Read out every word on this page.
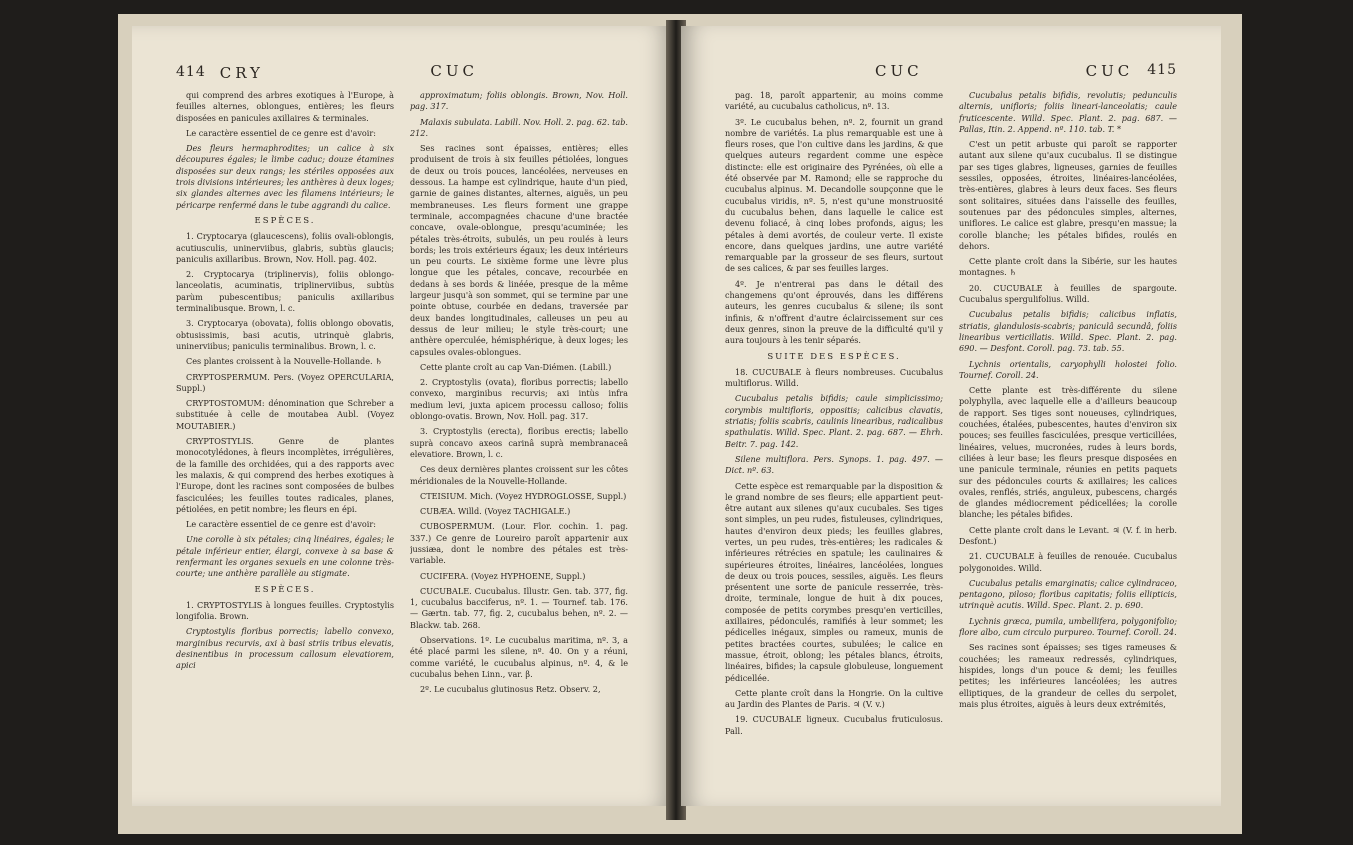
414 CRY	CUC

qui comprend des arbres exotiques à l'Europe, à feuilles alternes, oblongues, entières; les fleurs disposées en panicules axillaires & terminales.

Le caractère essentiel de ce genre est d'avoir:

Des fleurs hermaphrodites; un calice à six découpures égales; le limbe caduc; douze étamines disposées sur deux rangs; les stériles opposées aux trois divisions intérieures; les anthères à deux loges; six glandes alternes avec les filamens intérieurs; le péricarpe renfermé dans le tube aggrandi du calice.

ESPÈCES.

1. Cryptocarya (glaucescens), foliis ovali-oblongis, acutiusculis, uninerviibus, glabris, subtùs glaucis; paniculis axillaribus. Brown, Nov. Holl. pag. 402.

2. Cryptocarya (triplinervis), foliis oblongo-lanceolatis, acuminatis, triplinerviibus, subtùs parùm pubescentibus; paniculis axillaribus terminalibusque. Brown, l. c.

3. Cryptocarya (obovata), foliis oblongo obovatis, obtusissimis, basi acutis, utrinquè glabris, uninerviibus; paniculis terminalibus. Brown, l. c.

Ces plantes croissent à la Nouvelle-Hollande. ♄

CRYPTOSPERMUM. Pers. (Voyez OPERCULARIA, Suppl.)

CRYPTOSTOMUM: dénomination que Schreber a substituée à celle de moutabea Aubl. (Voyez MOUTABIER.)

CRYPTOSTYLIS. Genre de plantes monocotylédones, à fleurs incomplètes, irrégulières, de la famille des orchidées, qui a des rapports avec les malaxis, & qui comprend des herbes exotiques à l'Europe, dont les racines sont composées de bulbes fasciculées; les feuilles toutes radicales, planes, pétiolées, en petit nombre; les fleurs en épi.

Le caractère essentiel de ce genre est d'avoir:

Une corolle à six pétales; cinq linéaires, égales; le pétale inférieur entier, élargi, convexe à sa base & renfermant les organes sexuels en une colonne très-courte; une anthère parallèle au stigmate.

ESPÈCES.

1. CRYPTOSTYLIS à longues feuilles. Cryptostylis longifolia. Brown.

Cryptostylis floribus porrectis; labello convexo, marginibus recurvis, axi à basi striis tribus elevatis, desinentibus in processum callosum elevatiorem, apici

approximatum; foliis oblongis. Brown, Nov. Holl. pag. 317.

Malaxis subulata. Labill. Nov. Holl. 2. pag. 62. tab. 212.

Ses racines sont épaisses, entières; elles produisent de trois à six feuilles pétiolées, longues de deux ou trois pouces, lancéolées, nerveuses en dessous. La hampe est cylindrique, haute d'un pied, garnie de gaines distantes, alternes, aiguës, un peu membraneuses. Les fleurs forment une grappe terminale, accompagnées chacune d'une bractée concave, ovale-oblongue, presqu'acuminée; les pétales très-étroits, subulés, un peu roulés à leurs bords; les trois extérieurs égaux; les deux intérieurs un peu courts. Le sixième forme une lèvre plus longue que les pétales, concave, recourbée en dedans à ses bords & linéée, presque de la même largeur jusqu'à son sommet, qui se termine par une pointe obtuse, courbée en dedans, traversée par deux bandes longitudinales, calleuses un peu au dessus de leur milieu; le style très-court; une anthère operculée, hémisphérique, à deux loges; les capsules ovales-oblongues.

Cette plante croît au cap Van-Diémen. (Labill.)

2. Cryptostylis (ovata), floribus porrectis; labello convexo, marginibus recurvis; axi intùs infra medium levi, juxta apicem processu calloso; foliis oblongo-ovatis. Brown, Nov. Holl. pag. 317.

3. Cryptostylis (erecta), floribus erectis; labello suprà concavo axeos carinâ suprà membranaceâ elevatiore. Brown, l. c.

Ces deux dernières plantes croissent sur les côtes méridionales de la Nouvelle-Hollande.

CTEISIUM. Mich. (Voyez HYDROGLOSSE, Suppl.)

CUBÆA. Willd. (Voyez TACHIGALE.)

CUBOSPERMUM. (Lour. Flor. cochin. 1. pag. 337.) Ce genre de Loureiro paroît appartenir aux jussiæa, dont le nombre des pétales est très-variable.

CUCIFERA. (Voyez HYPHOENE, Suppl.)

CUCUBALE. Cucubalus. Illustr. Gen. tab. 377, fig. 1, cucubalus bacciferus, nº. 1. — Tournef. tab. 176. — Gærtn. tab. 77, fig. 2, cucubalus behen, nº. 2. — Blackw. tab. 268.

Observations. 1º. Le cucubalus maritima, nº. 3, a été placé parmi les silene, nº. 40. On y a réuni, comme variété, le cucubalus alpinus, nº. 4, & le cucubalus behen Linn., var. β.

2º. Le cucubalus glutinosus Retz. Observ. 2,

CUC	CUC 415

pag. 18, paroît appartenir, au moins comme variété, au cucubalus catholicus, nº. 13.

3º. Le cucubalus behen, nº. 2, fournit un grand nombre de variétés. La plus remarquable est une à fleurs roses, que l'on cultive dans les jardins, & que quelques auteurs regardent comme une espèce distincte: elle est originaire des Pyrénées, où elle a été observée par M. Ramond; elle se rapproche du cucubalus alpinus. M. Decandolle soupçonne que le cucubalus viridis, nº. 5, n'est qu'une monstruosité du cucubalus behen, dans laquelle le calice est devenu foliacé, à cinq lobes profonds, aigus; les pétales à demi avortés, de couleur verte. Il existe encore, dans quelques jardins, une autre variété remarquable par la grosseur de ses fleurs, surtout de ses calices, & par ses feuilles larges.

4º. Je n'entrerai pas dans le détail des changemens qu'ont éprouvés, dans les différens auteurs, les genres cucubalus & silene; ils sont infinis, & n'offrent d'autre éclaircissement sur ces deux genres, sinon la preuve de la difficulté qu'il y aura toujours à les tenir séparés.

SUITE DES ESPÈCES.

18. CUCUBALE à fleurs nombreuses. Cucubalus multiflorus. Willd.

Cucubalus petalis bifidis; caule simplicissimo; corymbis multifloris, oppositis; calicibus clavatis, striatis; foliis scabris, caulinis linearibus, radicalibus spathulatis. Willd. Spec. Plant. 2. pag. 687. — Ehrh. Beitr. 7. pag. 142.

Silene multiflora. Pers. Synops. 1. pag. 497. — Dict. nº. 63.

Cette espèce est remarquable par la disposition & le grand nombre de ses fleurs; elle appartient peut-être autant aux silenes qu'aux cucubales. Ses tiges sont simples, un peu rudes, fistuleuses, cylindriques, hautes d'environ deux pieds; les feuilles glabres, vertes, un peu rudes, très-entières; les radicales & inférieures rétrécies en spatule; les caulinaires & supérieures étroites, linéaires, lancéolées, longues de deux ou trois pouces, sessiles, aiguës. Les fleurs présentent une sorte de panicule resserrée, très-droite, terminale, longue de huit à dix pouces, composée de petits corymbes presqu'en verticilles, axillaires, pédonculés, ramifiés à leur sommet; les pédicelles inégaux, simples ou rameux, munis de petites bractées courtes, subulées; le calice en massue, étroit, oblong; les pétales blancs, étroits, linéaires, bifides; la capsule globuleuse, longuement pédicellée.

Cette plante croît dans la Hongrie. On la cultive au Jardin des Plantes de Paris. ♃ (V. v.)

19. CUCUBALE ligneux. Cucubalus fruticulosus. Pall.

Cucubalus petalis bifidis, revolutis; pedunculis alternis, unifloris; foliis lineari-lanceolatis; caule fruticescente. Willd. Spec. Plant. 2. pag. 687. — Pallas, Itin. 2. Append. nº. 110. tab. T. *

C'est un petit arbuste qui paroît se rapporter autant aux silene qu'aux cucubalus. Il se distingue par ses tiges glabres, ligneuses, garnies de feuilles sessiles, opposées, étroites, linéaires-lancéolées, très-entières, glabres à leurs deux faces. Ses fleurs sont solitaires, situées dans l'aisselle des feuilles, soutenues par des pédoncules simples, alternes, uniflores. Le calice est glabre, presqu'en massue; la corolle blanche; les pétales bifides, roulés en dehors.

Cette plante croît dans la Sibérie, sur les hautes montagnes. ♄

20. CUCUBALE à feuilles de spargoute. Cucubalus spergulifolius. Willd.

Cucubalus petalis bifidis; calicibus inflatis, striatis, glandulosis-scabris; paniculâ secundâ, foliis linearibus verticillatis. Willd. Spec. Plant. 2. pag. 690. — Desfont. Coroll. pag. 73. tab. 55.

Lychnis orientalis, caryophylli holostei folio. Tournef. Coroll. 24.

Cette plante est très-différente du silene polyphylla, avec laquelle elle a d'ailleurs beaucoup de rapport. Ses tiges sont noueuses, cylindriques, couchées, étalées, pubescentes, hautes d'environ six pouces; ses feuilles fasciculées, presque verticillées, linéaires, velues, mucronées, rudes à leurs bords, ciliées à leur base; les fleurs presque disposées en une panicule terminale, réunies en petits paquets sur des pédoncules courts & axillaires; les calices ovales, renflés, striés, anguleux, pubescens, chargés de glandes médiocrement pédicellées; la corolle blanche; les pétales bifides.

Cette plante croît dans le Levant. ♃ (V. f. in herb. Desfont.)

21. CUCUBALE à feuilles de renouée. Cucubalus polygonoides. Willd.

Cucubalus petalis emarginatis; calice cylindraceo, pentagono, piloso; floribus capitatis; foliis ellipticis, utrinquè acutis. Willd. Spec. Plant. 2. p. 690.

Lychnis græca, pumila, umbellifera, polygonifolio; flore albo, cum circulo purpureo. Tournef. Coroll. 24.

Ses racines sont épaisses; ses tiges rameuses & couchées; les rameaux redressés, cylindriques, hispides, longs d'un pouce & demi; les feuilles petites; les inférieures lancéolées; les autres elliptiques, de la grandeur de celles du serpolet, mais plus étroites, aiguës à leurs deux extrémités,
